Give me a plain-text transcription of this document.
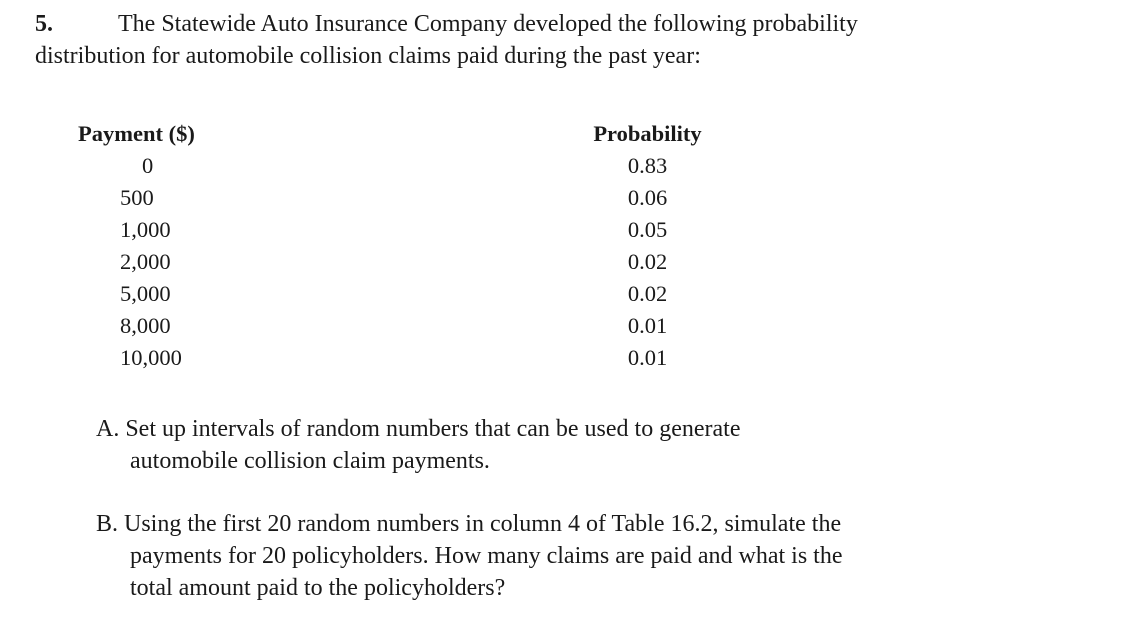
5.	The Statewide Auto Insurance Company developed the following probability
distribution for automobile collision claims paid during the past year:
Payment ($)
0
500
1,000
2,000
5,000
8,000
10,000
Probability
0.83
0.06
0.05
0.02
0.02
0.01
0.01
A. Set up intervals of random numbers that can be used to generate
automobile collision claim payments.
B. Using the first 20 random numbers in column 4 of Table 16.2, simulate the
payments for 20 policyholders. How many claims are paid and what is the
total amount paid to the policyholders?
